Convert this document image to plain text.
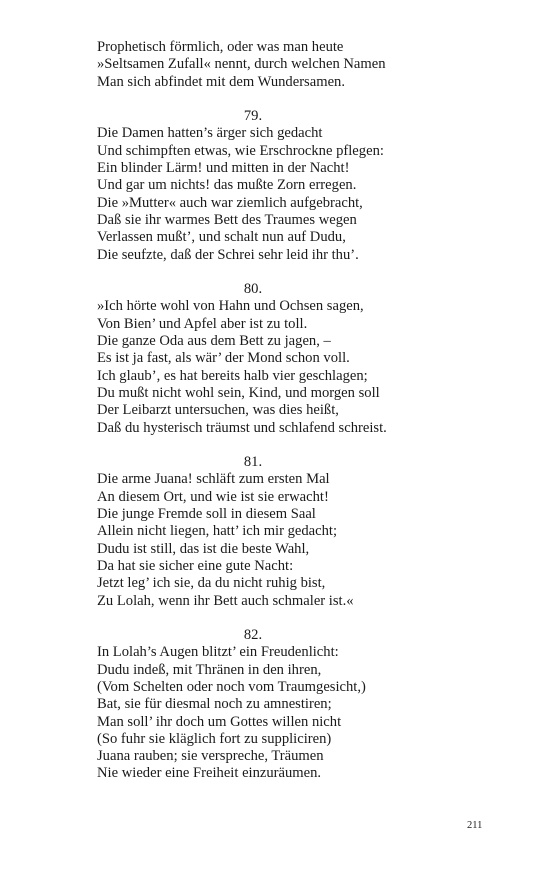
Prophetisch förmlich, oder was man heute
»Seltsamen Zufall« nennt, durch welchen Namen
Man sich abfindet mit dem Wundersamen.
79.
Die Damen hatten’s ärger sich gedacht
Und schimpften etwas, wie Erschrockne pflegen:
Ein blinder Lärm! und mitten in der Nacht!
Und gar um nichts! das mußte Zorn erregen.
Die »Mutter« auch war ziemlich aufgebracht,
Daß sie ihr warmes Bett des Traumes wegen
Verlassen mußt’, und schalt nun auf Dudu,
Die seufzte, daß der Schrei sehr leid ihr thu’.
80.
»Ich hörte wohl von Hahn und Ochsen sagen,
Von Bien’ und Apfel aber ist zu toll.
Die ganze Oda aus dem Bett zu jagen, –
Es ist ja fast, als wär’ der Mond schon voll.
Ich glaub’, es hat bereits halb vier geschlagen;
Du mußt nicht wohl sein, Kind, und morgen soll
Der Leibarzt untersuchen, was dies heißt,
Daß du hysterisch träumst und schlafend schreist.
81.
Die arme Juana! schläft zum ersten Mal
An diesem Ort, und wie ist sie erwacht!
Die junge Fremde soll in diesem Saal
Allein nicht liegen, hatt’ ich mir gedacht;
Dudu ist still, das ist die beste Wahl,
Da hat sie sicher eine gute Nacht:
Jetzt leg’ ich sie, da du nicht ruhig bist,
Zu Lolah, wenn ihr Bett auch schmaler ist.«
82.
In Lolah’s Augen blitzt’ ein Freudenlicht:
Dudu indeß, mit Thränen in den ihren,
(Vom Schelten oder noch vom Traumgesicht,)
Bat, sie für diesmal noch zu amnestiren;
Man soll’ ihr doch um Gottes willen nicht
(So fuhr sie kläglich fort zu suppliciren)
Juana rauben; sie verspreche, Träumen
Nie wieder eine Freiheit einzuräumen.
211
